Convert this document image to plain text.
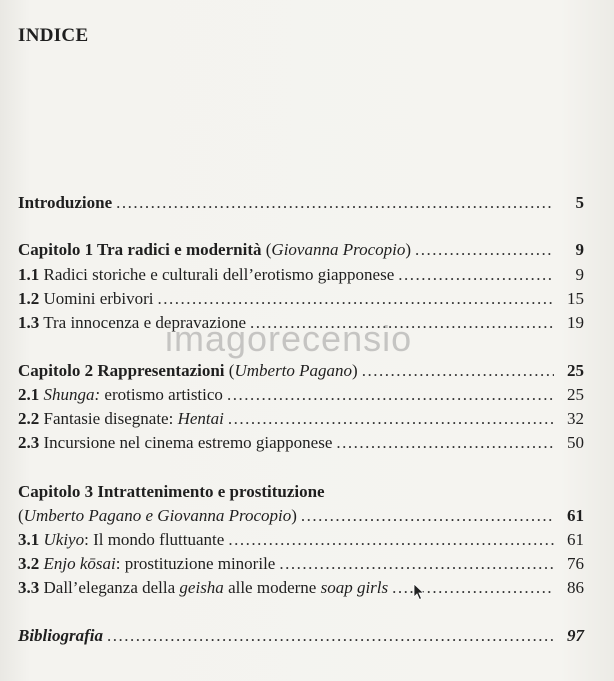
INDICE
Introduzione .....	5
Capitolo 1 Tra radici e modernità (Giovanna Procopio) .....	9
1.1 Radici storiche e culturali dell’erotismo giapponese .....	9
1.2 Uomini erbivori .....	15
1.3 Tra innocenza e depravazione .....	19
Capitolo 2 Rappresentazioni (Umberto Pagano) .....	25
2.1 Shunga: erotismo artistico .....	25
2.2 Fantasie disegnate: Hentai .....	32
2.3 Incursione nel cinema estremo giapponese .....	50
Capitolo 3 Intrattenimento e prostituzione
(Umberto Pagano e Giovanna Procopio) .....	61
3.1 Ukiyo: Il mondo fluttuante .....	61
3.2 Enjo kōsai: prostituzione minorile .....	76
3.3 Dall’eleganza della geisha alle moderne soap girls .....	86
Bibliografia .....	97
imagorecensio
